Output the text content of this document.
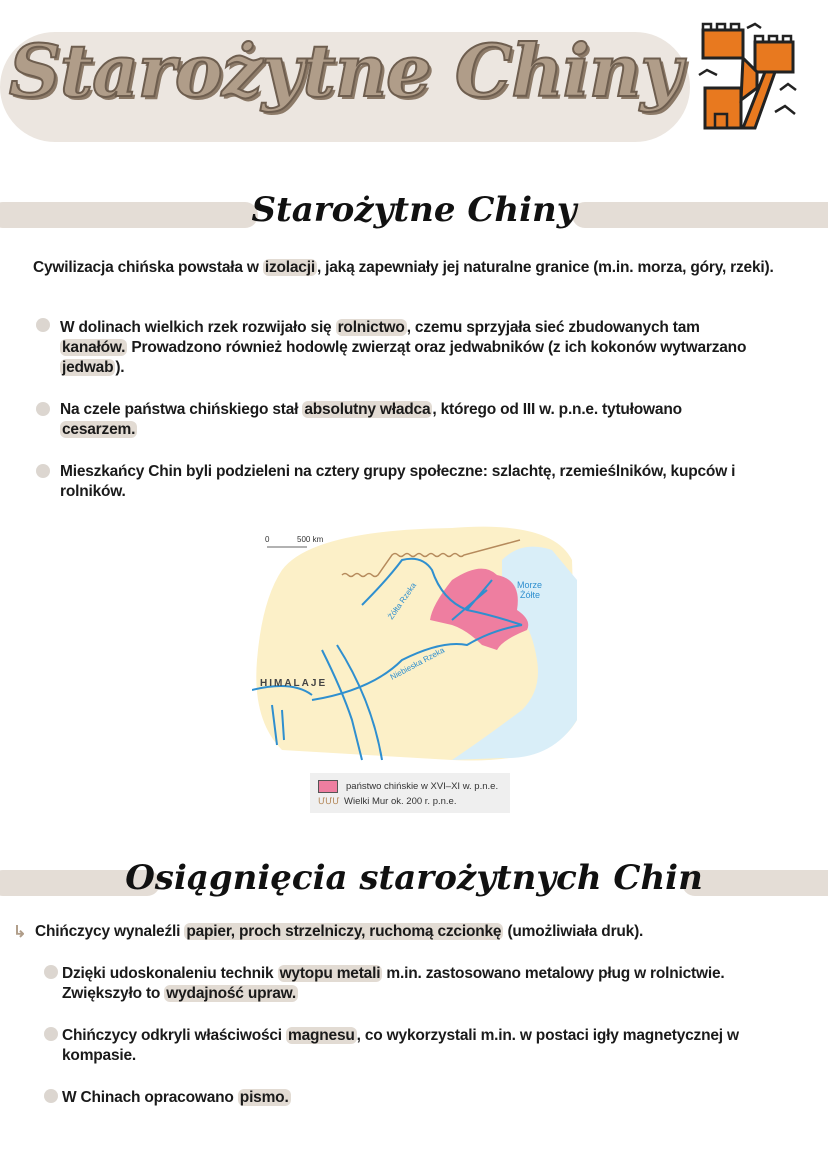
Starożytne Chiny
Starożytne Chiny
Cywilizacja chińska powstała w izolacji , jaką zapewniały jej naturalne granice (m.in. morza, góry, rzeki).
W dolinach wielkich rzek rozwijało się rolnictwo , czemu sprzyjała sieć zbudowanych tam kanałów. Prowadzono również hodowlę zwierząt oraz jedwabników (z ich kokonów wytwarzano jedwab ).
Na czele państwa chińskiego stał absolutny władca , którego od III w. p.n.e. tytułowano cesarzem.
Mieszkańcy Chin byli podzieleni na cztery grupy społeczne: szlachtę, rzemieślników, kupców i rolników.
0	500 km
Żółta Rzeka
Niebieska Rzeka
Morze
Żółte
HIMALAJE
państwo chińskie w XVI–XI w. p.n.e.
ՄՄՄ Wielki Mur ok. 200 r. p.n.e.
Osiągnięcia starożytnych Chin
↳ Chińczycy wynaleźli papier, proch strzelniczy, ruchomą czcionkę (umożliwiała druk).
Dzięki udoskonaleniu technik wytopu metali m.in. zastosowano metalowy pług w rolnictwie. Zwiększyło to wydajność upraw.
Chińczycy odkryli właściwości magnesu , co wykorzystali m.in. w postaci igły magnetycznej w kompasie.
W Chinach opracowano pismo.
